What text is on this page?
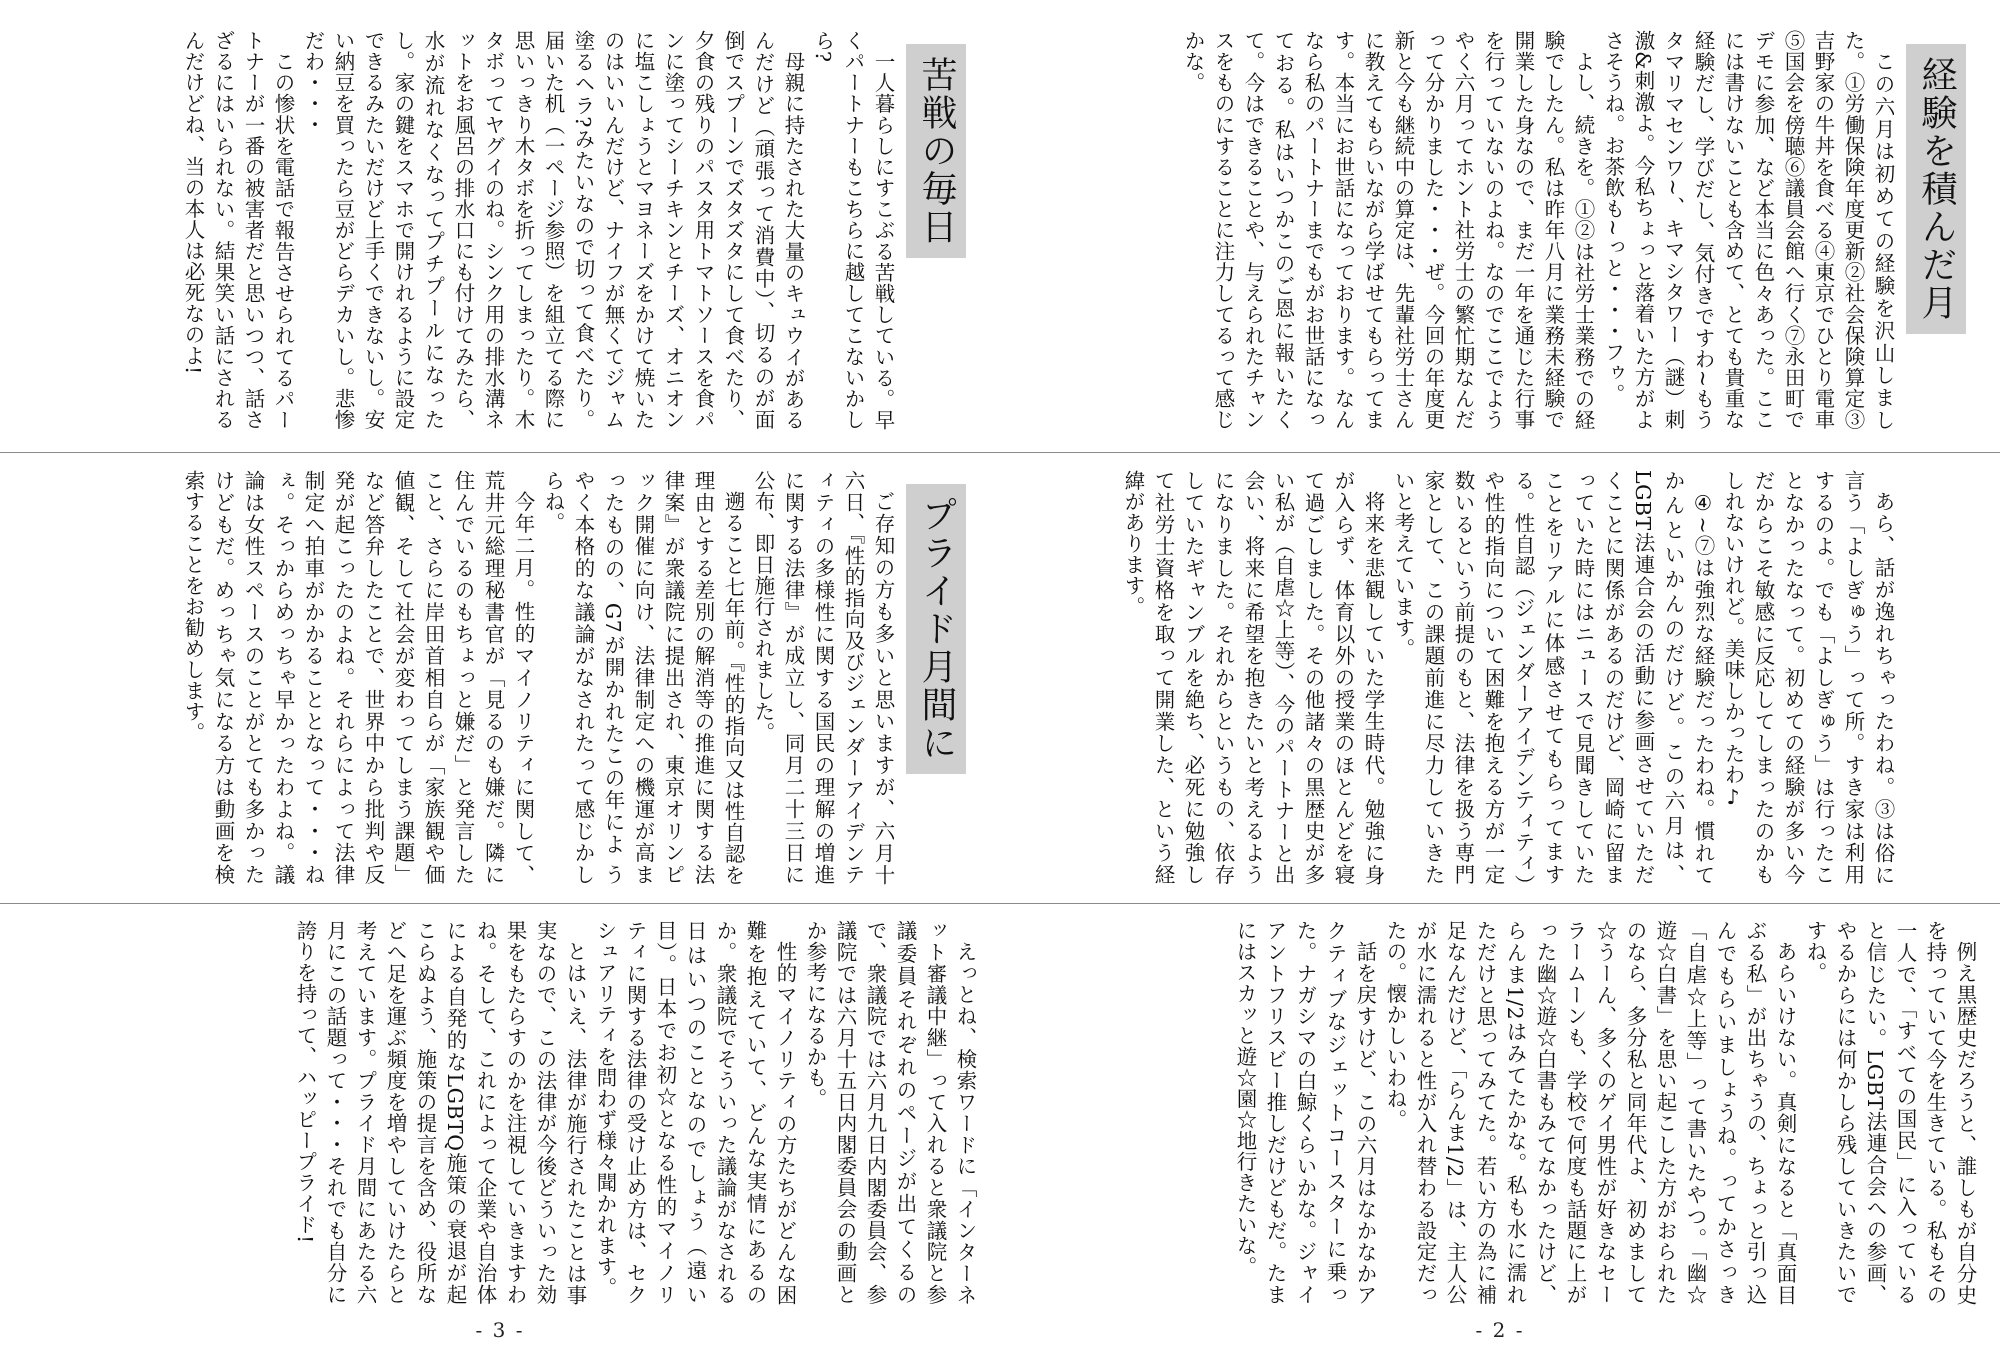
苦戦の毎日

一人暮らしにすこぶる苦戦している。早くパートナーもこちらに越してこないかしら?

母親に持たされた大量のキュウイがあるんだけど（頑張って消費中）、切るのが面倒でスプーンでズタズタにして食べたり、夕食の残りのパスタ用トマトソースを食パンに塗ってシーチキンとチーズ、オニオンに塩こしょうとマヨネーズをかけて焼いたのはいいんだけど、ナイフが無くてジャム塗るヘラ?みたいなので切って食べたり。届いた机（一ページ参照）を組立てる際に思いっきり木タボを折ってしまったり。木タボってヤグイのね。シンク用の排水溝ネットをお風呂の排水口にも付けてみたら、水が流れなくなってプチプールになったし。家の鍵をスマホで開けれるように設定できるみたいだけど上手くできないし。安い納豆を買ったら豆がどらデカいし。悲惨だわ・・・

この惨状を電話で報告させられてるパートナーが一番の被害者だと思いつつ、話さざるにはいられない。結果笑い話にされるんだけどね、当の本人は必死なのよ!

プライド月間に

ご存知の方も多いと思いますが、六月十六日、『性的指向及びジェンダーアイデンティティの多様性に関する国民の理解の増進に関する法律』が成立し、同月二十三日に公布、即日施行されました。

遡ること七年前。『性的指向又は性自認を理由とする差別の解消等の推進に関する法律案』が衆議院に提出され、東京オリンピック開催に向け、法律制定への機運が高まったものの、G7が開かれたこの年によ うやく本格的な議論がなされたって感じかしらね。

今年二月。性的マイノリティに関して、荒井元総理秘書官が「見るのも嫌だ。隣に住んでいるのもちょっと嫌だ」と発言したこと、さらに岸田首相自らが「家族観や価値観、そして社会が変わってしまう課題」など答弁したことで、世界中から批判や反発が起こったのよね。それらによって法律制定へ拍車がかかることとなって・・・ねぇ。そっからめっちゃ早かったわよね。議論は女性スペースのことがとても多かったけどもだ。めっちゃ気になる方は動画を検索することをお勧めします。

えっとね、検索ワードに「インターネット審議中継」って入れると衆議院と参議委員それぞれのページが出てくるので、衆議院では六月九日内閣委員会、参議院では六月十五日内閣委員会の動画とか参考になるかも。

性的マイノリティの方たちがどんな困難を抱えていて、どんな実情にあるのか。衆議院でそういった議論がなされる日はいつのことなのでしょう（遠い目）。日本でお初☆となる性的マイノリティに関する法律の受け止め方は、セクシュアリティを問わず様々聞かれます。

とはいえ、法律が施行されたことは事実なので、この法律が今後どういった効果をもたらすのかを注視していきますわね。そして、これによって企業や自治体による自発的なLGBTQ施策の衰退が起こらぬよう、施策の提言を含め、役所などへ足を運ぶ頻度を増やしていけたらと考えています。プライド月間にあたる六月にこの話題って・・・それでも自分に誇りを持って、ハッピープライド!

- 3 -
経験を積んだ月

この六月は初めての経験を沢山しました。①労働保険年度更新②社会保険算定③吉野家の牛丼を食べる④東京でひとり電車⑤国会を傍聴⑥議員会館へ行く⑦永田町でデモに参加、など本当に色々あった。ここには書けないことも含めて、とても貴重な経験だし、学びだし、気付きですわ~もうタマリマセンワ~、キマシタワー（謎）刺激&刺激よ。今私ちょっと落着いた方がよさそうね。お茶飲も~っと・・・フゥ。

よし、続きを。①②は社労士業務での経験でしたん。私は昨年八月に業務未経験で開業した身なので、まだ一年を通じた行事を行っていないのよね。なのでここでようやく六月ってホント社労士の繁忙期なんだって分かりました・・・ぜ。今回の年度更新と今も継続中の算定は、先輩社労士さんに教えてもらいながら学ばせてもらってます。本当にお世話になっております。なんなら私のパートナーまでもがお世話になっておる。私はいつかこのご恩に報いたくて。今はできることや、与えられたチャンスをものにすることに注力してるって感じかな。

あら、話が逸れちゃったわね。③は俗に言う「よしぎゅう」って所。すき家は利用するのよ。でも「よしぎゅう」は行ったことなかったなって。初めての経験が多い今だからこそ敏感に反応してしまったのかもしれないけれど。美味しかったわ♪

④~⑦は強烈な経験だったわね。慣れてかんといかんのだけど。この六月は、LGBT法連合会の活動に参画させていただくことに関係があるのだけど、岡崎に留まっていた時にはニュースで見聞きしていたことをリアルに体感させてもらってまする。性自認（ジェンダーアイデンティティ）や性的指向について困難を抱える方が一定数いるという前提のもと、法律を扱う専門家として、この課題前進に尽力していきたいと考えています。

将来を悲観していた学生時代。勉強に身が入らず、体育以外の授業のほとんどを寝て過ごしました。その他諸々の黒歴史が多い私が（自虐☆上等）、今のパートナーと出会い、将来に希望を抱きたいと考えるようになりました。それからというもの、依存していたギャンブルを絶ち、必死に勉強して社労士資格を取って開業した、という経緯があります。

例え黒歴史だろうと、誰しもが自分史を持っていて今を生きている。私もその一人で、「すべての国民」に入っていると信じたい。LGBT法連合会への参画、やるからには何かしら残していきたいですね。

あらいけない。真剣になると「真面目ぶる私」が出ちゃうの、ちょっと引っ込んでもらいましょうね。ってかさっき「自虐☆上等」って書いたやつ。「幽☆遊☆白書」を思い起こした方がおられたのなら、多分私と同年代よ、初めまして☆うーん、多くのゲイ男性が好きなセーラームーンも、学校で何度も話題に上がった幽☆遊☆白書もみてなかったけど、らんま1/2はみてたかな。私も水に濡れただけと思ってみてた。若い方の為に補足なんだけど、「らんま1/2」は、主人公が水に濡れると性が入れ替わる設定だったの。懐かしいわね。

話を戻すけど、この六月はなかなかアクティブなジェットコースターに乗った。ナガシマの白鯨くらいかな。ジャイアントフリスビー推しだけどもだ。たまにはスカッと遊☆園☆地行きたいな。

- 2 -
